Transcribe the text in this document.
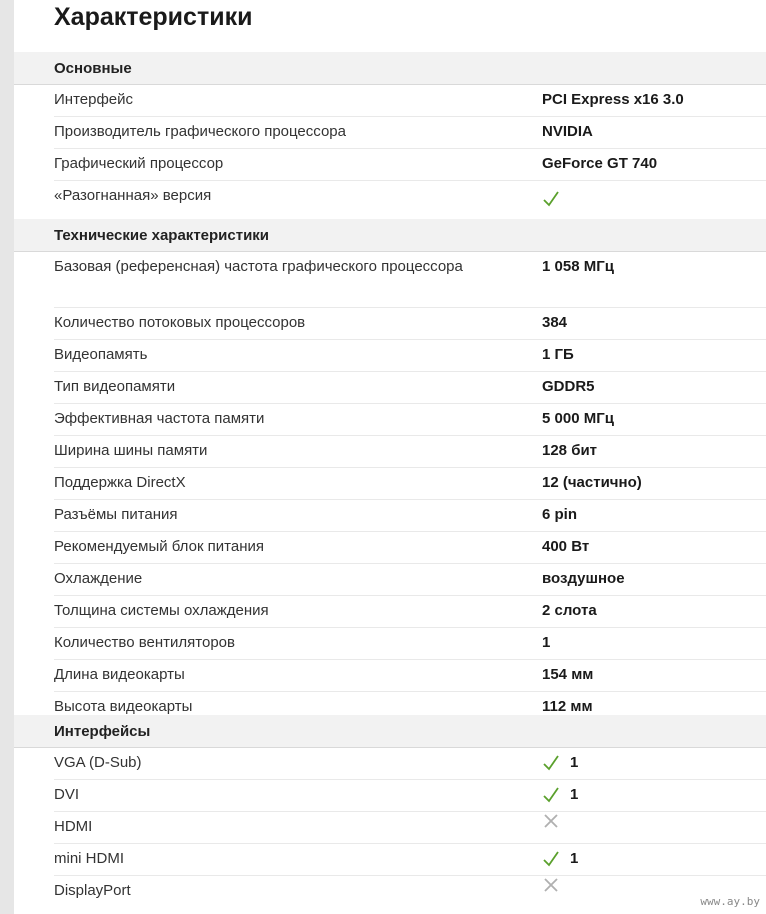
Характеристики
Основные
Интерфейс	PCI Express x16 3.0
Производитель графического процессора	NVIDIA
Графический процессор	GeForce GT 740
«Разогнанная» версия
Технические характеристики
Базовая (референсная) частота графического процессора	1 058 МГц
Количество потоковых процессоров	384
Видеопамять	1 ГБ
Тип видеопамяти	GDDR5
Эффективная частота памяти	5 000 МГц
Ширина шины памяти	128 бит
Поддержка DirectX	12 (частично)
Разъёмы питания	6 pin
Рекомендуемый блок питания	400 Вт
Охлаждение	воздушное
Толщина системы охлаждения	2 слота
Количество вентиляторов	1
Длина видеокарты	154 мм
Высота видеокарты	112 мм
Интерфейсы
VGA (D-Sub)	1
DVI	1
HDMI
mini HDMI	1
DisplayPort
www.ay.by
